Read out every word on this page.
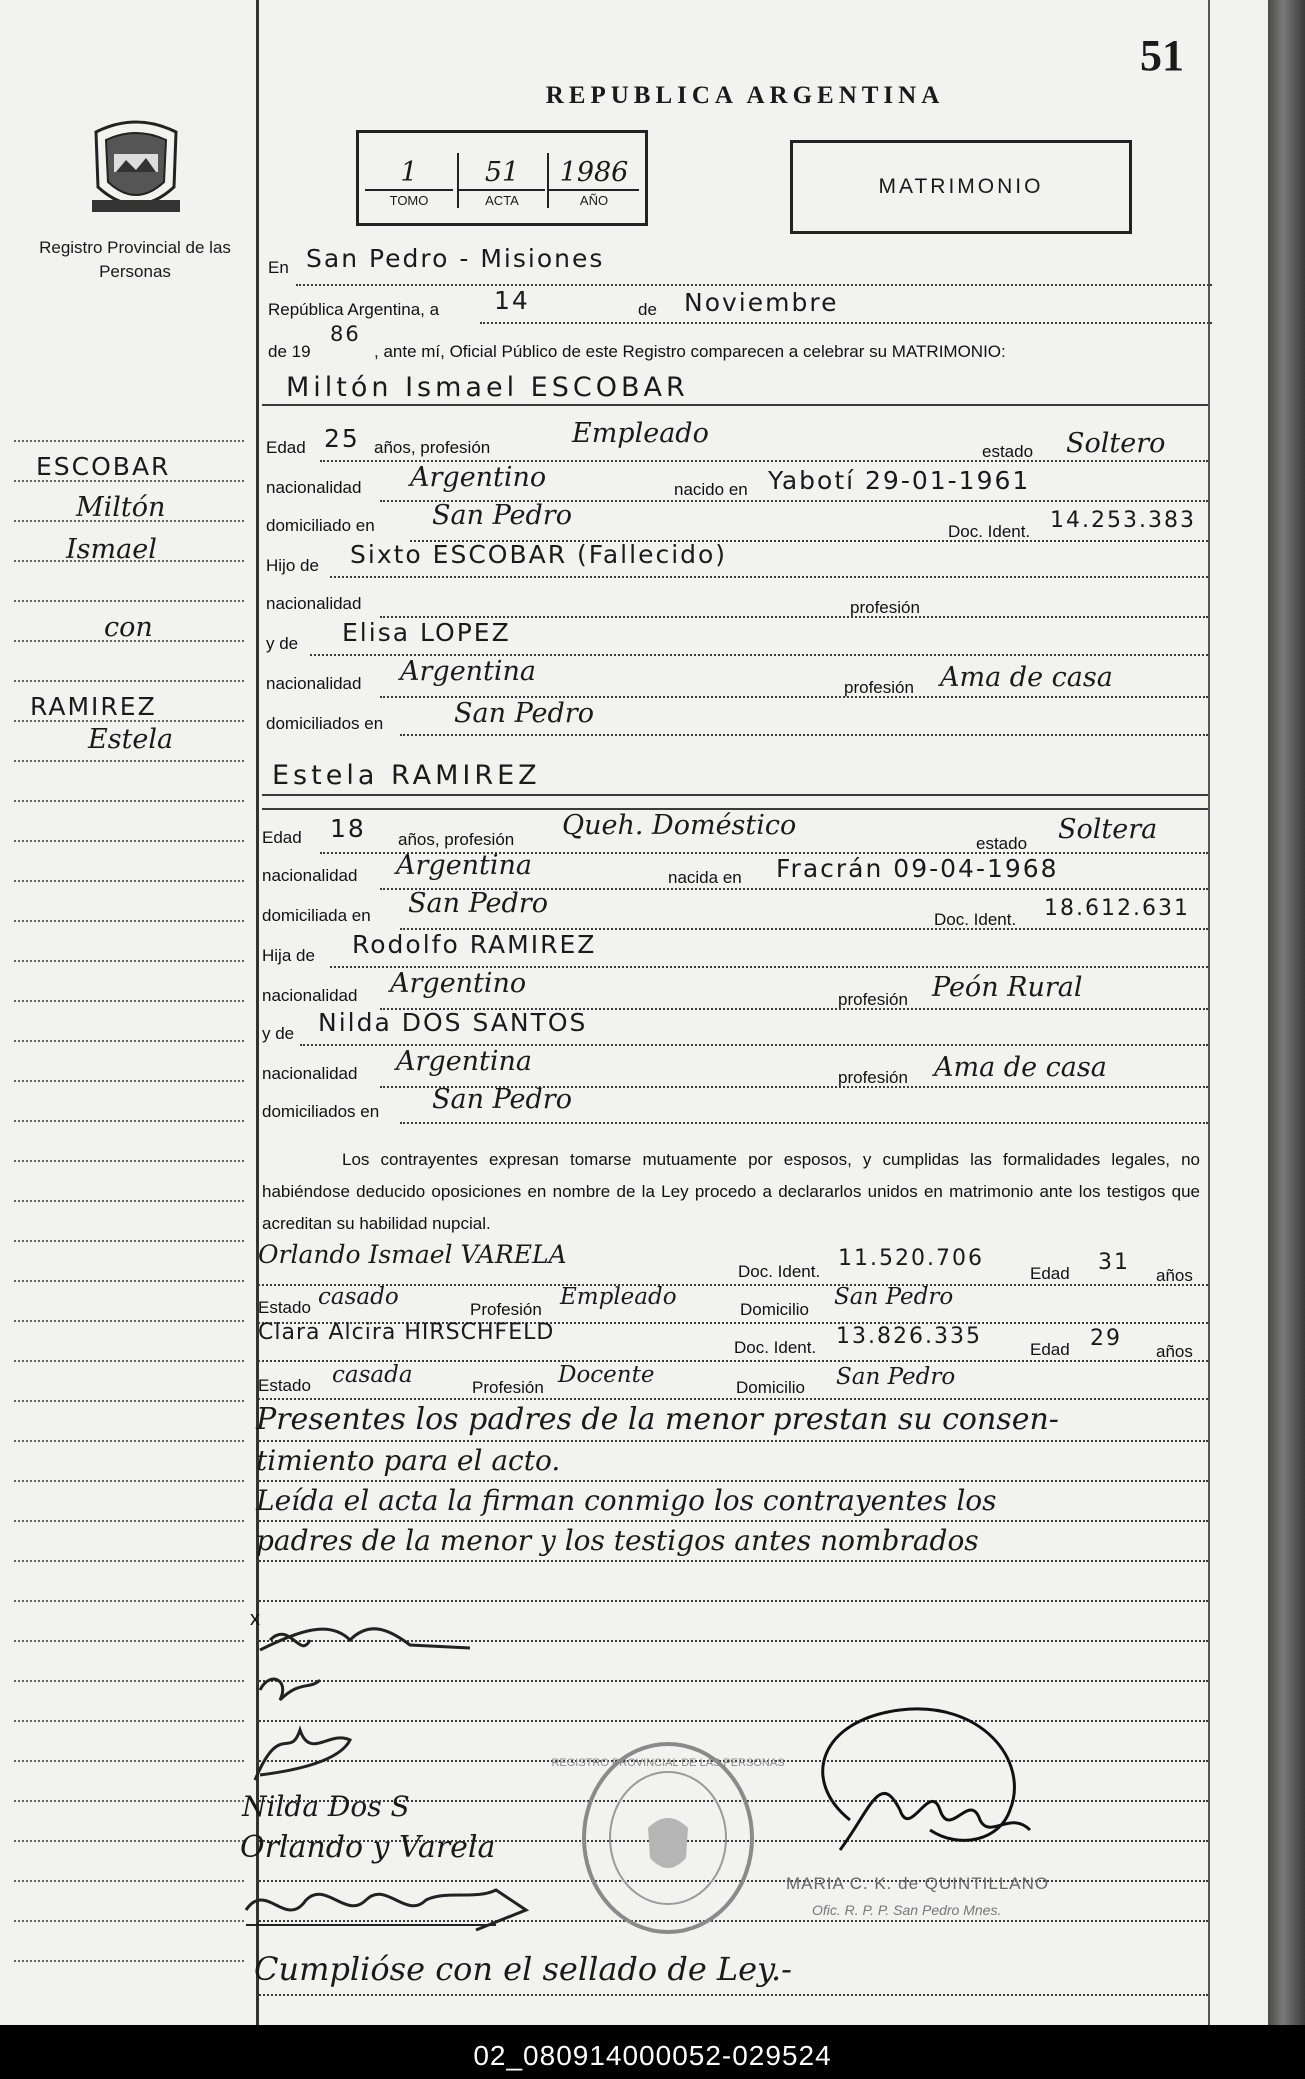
Registro Provincial de las Personas
51
REPUBLICA ARGENTINA
1
TOMO
51
ACTA
1986
AÑO
MATRIMONIO
ESCOBAR
Miltón
Ismael
con
RAMIREZ
Estela
En San Pedro - Misiones
República Argentina, a 14	de Noviembre
de 19
86
, ante mí, Oficial Público de este Registro comparecen a celebrar su MATRIMONIO:
Miltón Ismael ESCOBAR
Edad 25 años, profesión	Empleado
estado Soltero
nacionalidad Argentino	nacido en Yabotí 29-01-1961
domiciliado en San Pedro
Doc. Ident. 14.253.383
Hijo de Sixto ESCOBAR (Fallecido)
nacionalidad	profesión
y de Elisa LOPEZ
nacionalidad Argentina
profesión Ama de casa
domiciliados en	San Pedro
Estela RAMIREZ
Edad 18 años, profesión Queh. Doméstico
estado Soltera
nacionalidad Argentina	nacida en Fracrán 09-04-1968
domiciliada en San Pedro
Doc. Ident. 18.612.631
Hija de Rodolfo RAMIREZ
nacionalidad Argentino
profesión Peón Rural
y de Nilda DOS SANTOS
nacionalidad Argentina
profesión Ama de casa
domiciliados en San Pedro
Los contrayentes expresan tomarse mutuamente por esposos, y cumplidas las formalidades legales, no habiéndose deducido oposiciones en nombre de la Ley procedo a declararlos unidos en matrimonio ante los testigos que acreditan su habilidad nupcial.
Orlando Ismael VARELA
Doc. Ident.
11.520.706
Edad 31
años
Estado casado	Profesión Empleado	Domicilio San Pedro
Clara Alcira HIRSCHFELD
Doc. Ident. 13.826.335
Edad 29
años
Estado casada	Profesión Docente	Domicilio San Pedro
Presentes los padres de la menor prestan su consen-
timiento para el acto.
Leída el acta la firman conmigo los contrayentes los
padres de la menor y los testigos antes nombrados
x
Nilda Dos S
Orlando y Varela
REGISTRO PROVINCIAL DE LAS PERSONAS
MARIA C. K. de QUINTILLANO
Ofic. R. P. P. San Pedro Mnes.
Cumplióse con el sellado de Ley.-
02_080914000052-029524
